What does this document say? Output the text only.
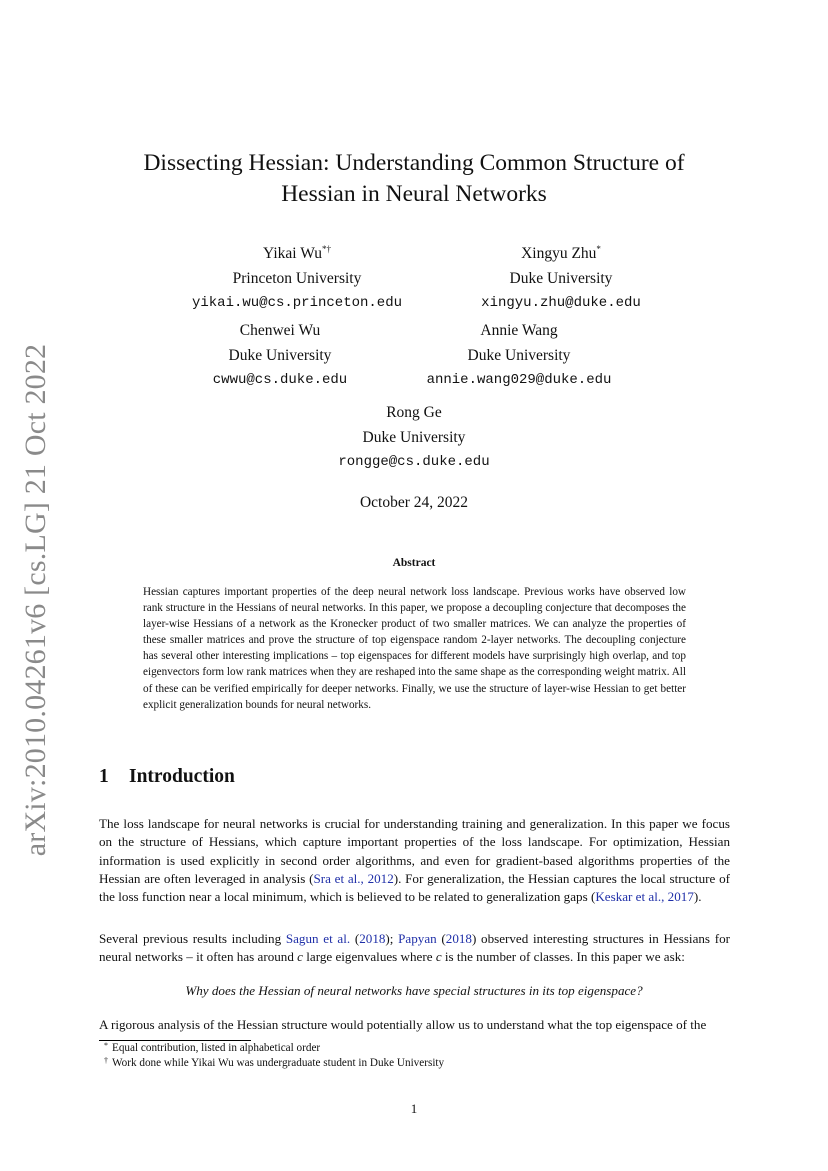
arXiv:2010.04261v6 [cs.LG] 21 Oct 2022
Dissecting Hessian: Understanding Common Structure of
Hessian in Neural Networks
Yikai Wu*†
Princeton University
yikai.wu@cs.princeton.edu
Xingyu Zhu*
Duke University
xingyu.zhu@duke.edu
Chenwei Wu
Duke University
cwwu@cs.duke.edu
Annie Wang
Duke University
annie.wang029@duke.edu
Rong Ge
Duke University
rongge@cs.duke.edu
October 24, 2022
Abstract
Hessian captures important properties of the deep neural network loss landscape. Previous works have observed low rank structure in the Hessians of neural networks. In this paper, we propose a decoupling conjecture that decomposes the layer-wise Hessians of a network as the Kronecker product of two smaller matrices. We can analyze the properties of these smaller matrices and prove the structure of top eigenspace random 2-layer networks. The decoupling conjecture has several other interesting implications – top eigenspaces for different models have surprisingly high overlap, and top eigenvectors form low rank matrices when they are reshaped into the same shape as the corresponding weight matrix. All of these can be verified empirically for deeper networks. Finally, we use the structure of layer-wise Hessian to get better explicit generalization bounds for neural networks.
1 Introduction
The loss landscape for neural networks is crucial for understanding training and generalization. In this paper we focus on the structure of Hessians, which capture important properties of the loss landscape. For optimization, Hessian information is used explicitly in second order algorithms, and even for gradient-based algorithms properties of the Hessian are often leveraged in analysis (Sra et al., 2012). For generalization, the Hessian captures the local structure of the loss function near a local minimum, which is believed to be related to generalization gaps (Keskar et al., 2017).
Several previous results including Sagun et al. (2018); Papyan (2018) observed interesting structures in Hessians for neural networks – it often has around c large eigenvalues where c is the number of classes. In this paper we ask:
Why does the Hessian of neural networks have special structures in its top eigenspace?
A rigorous analysis of the Hessian structure would potentially allow us to understand what the top eigenspace of the
* Equal contribution, listed in alphabetical order
† Work done while Yikai Wu was undergraduate student in Duke University
1
